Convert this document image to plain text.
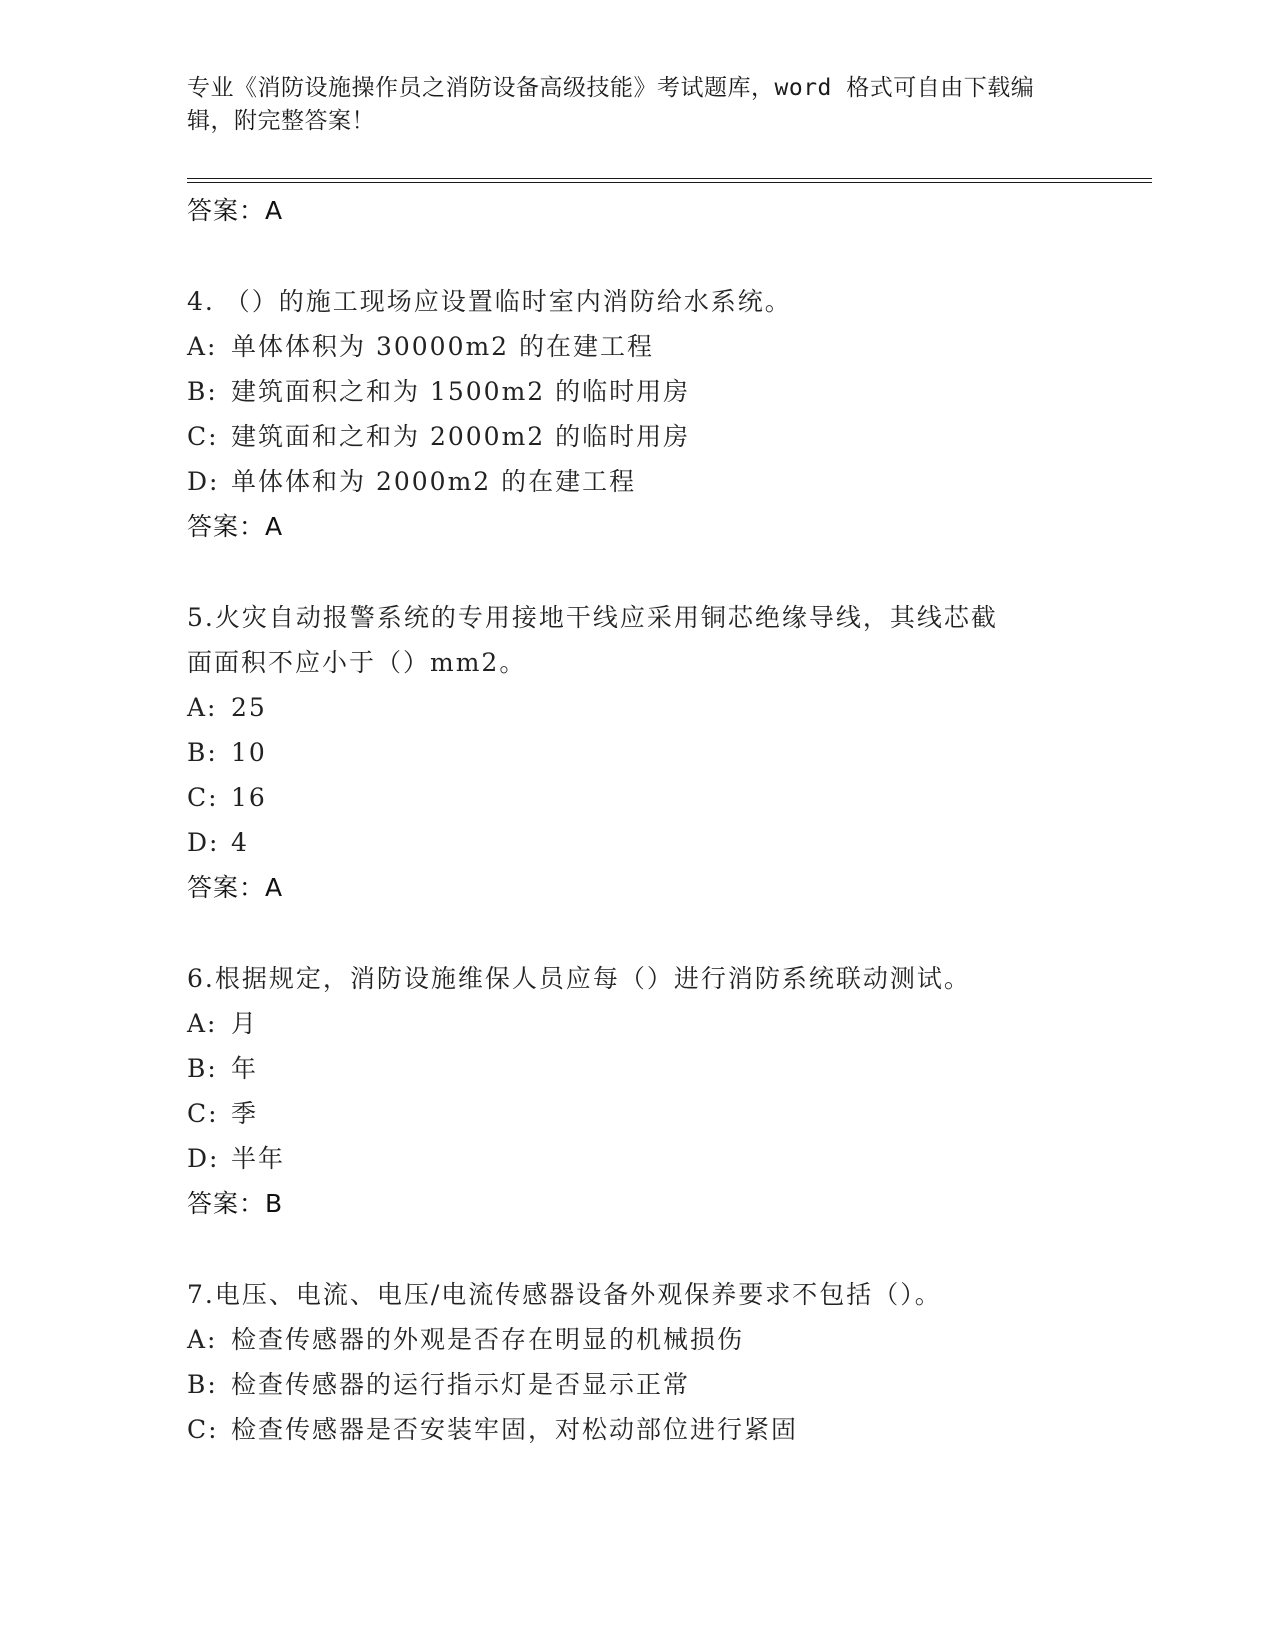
专业《消防设施操作员之消防设备高级技能》考试题库，word 格式可自由下载编
辑，附完整答案！
答案：A
4. （）的施工现场应设置临时室内消防给水系统。
A: 单体体积为 30000m2 的在建工程
B: 建筑面积之和为 1500m2 的临时用房
C: 建筑面和之和为 2000m2 的临时用房
D: 单体体和为 2000m2 的在建工程
答案：A
5.火灾自动报警系统的专用接地干线应采用铜芯绝缘导线，其线芯截
面面积不应小于（）mm2。
A: 25
B: 10
C: 16
D: 4
答案：A
6.根据规定，消防设施维保人员应每（）进行消防系统联动测试。
A: 月
B: 年
C: 季
D: 半年
答案：B
7.电压、电流、电压/电流传感器设备外观保养要求不包括（）。
A: 检查传感器的外观是否存在明显的机械损伤
B: 检查传感器的运行指示灯是否显示正常
C: 检查传感器是否安装牢固，对松动部位进行紧固
